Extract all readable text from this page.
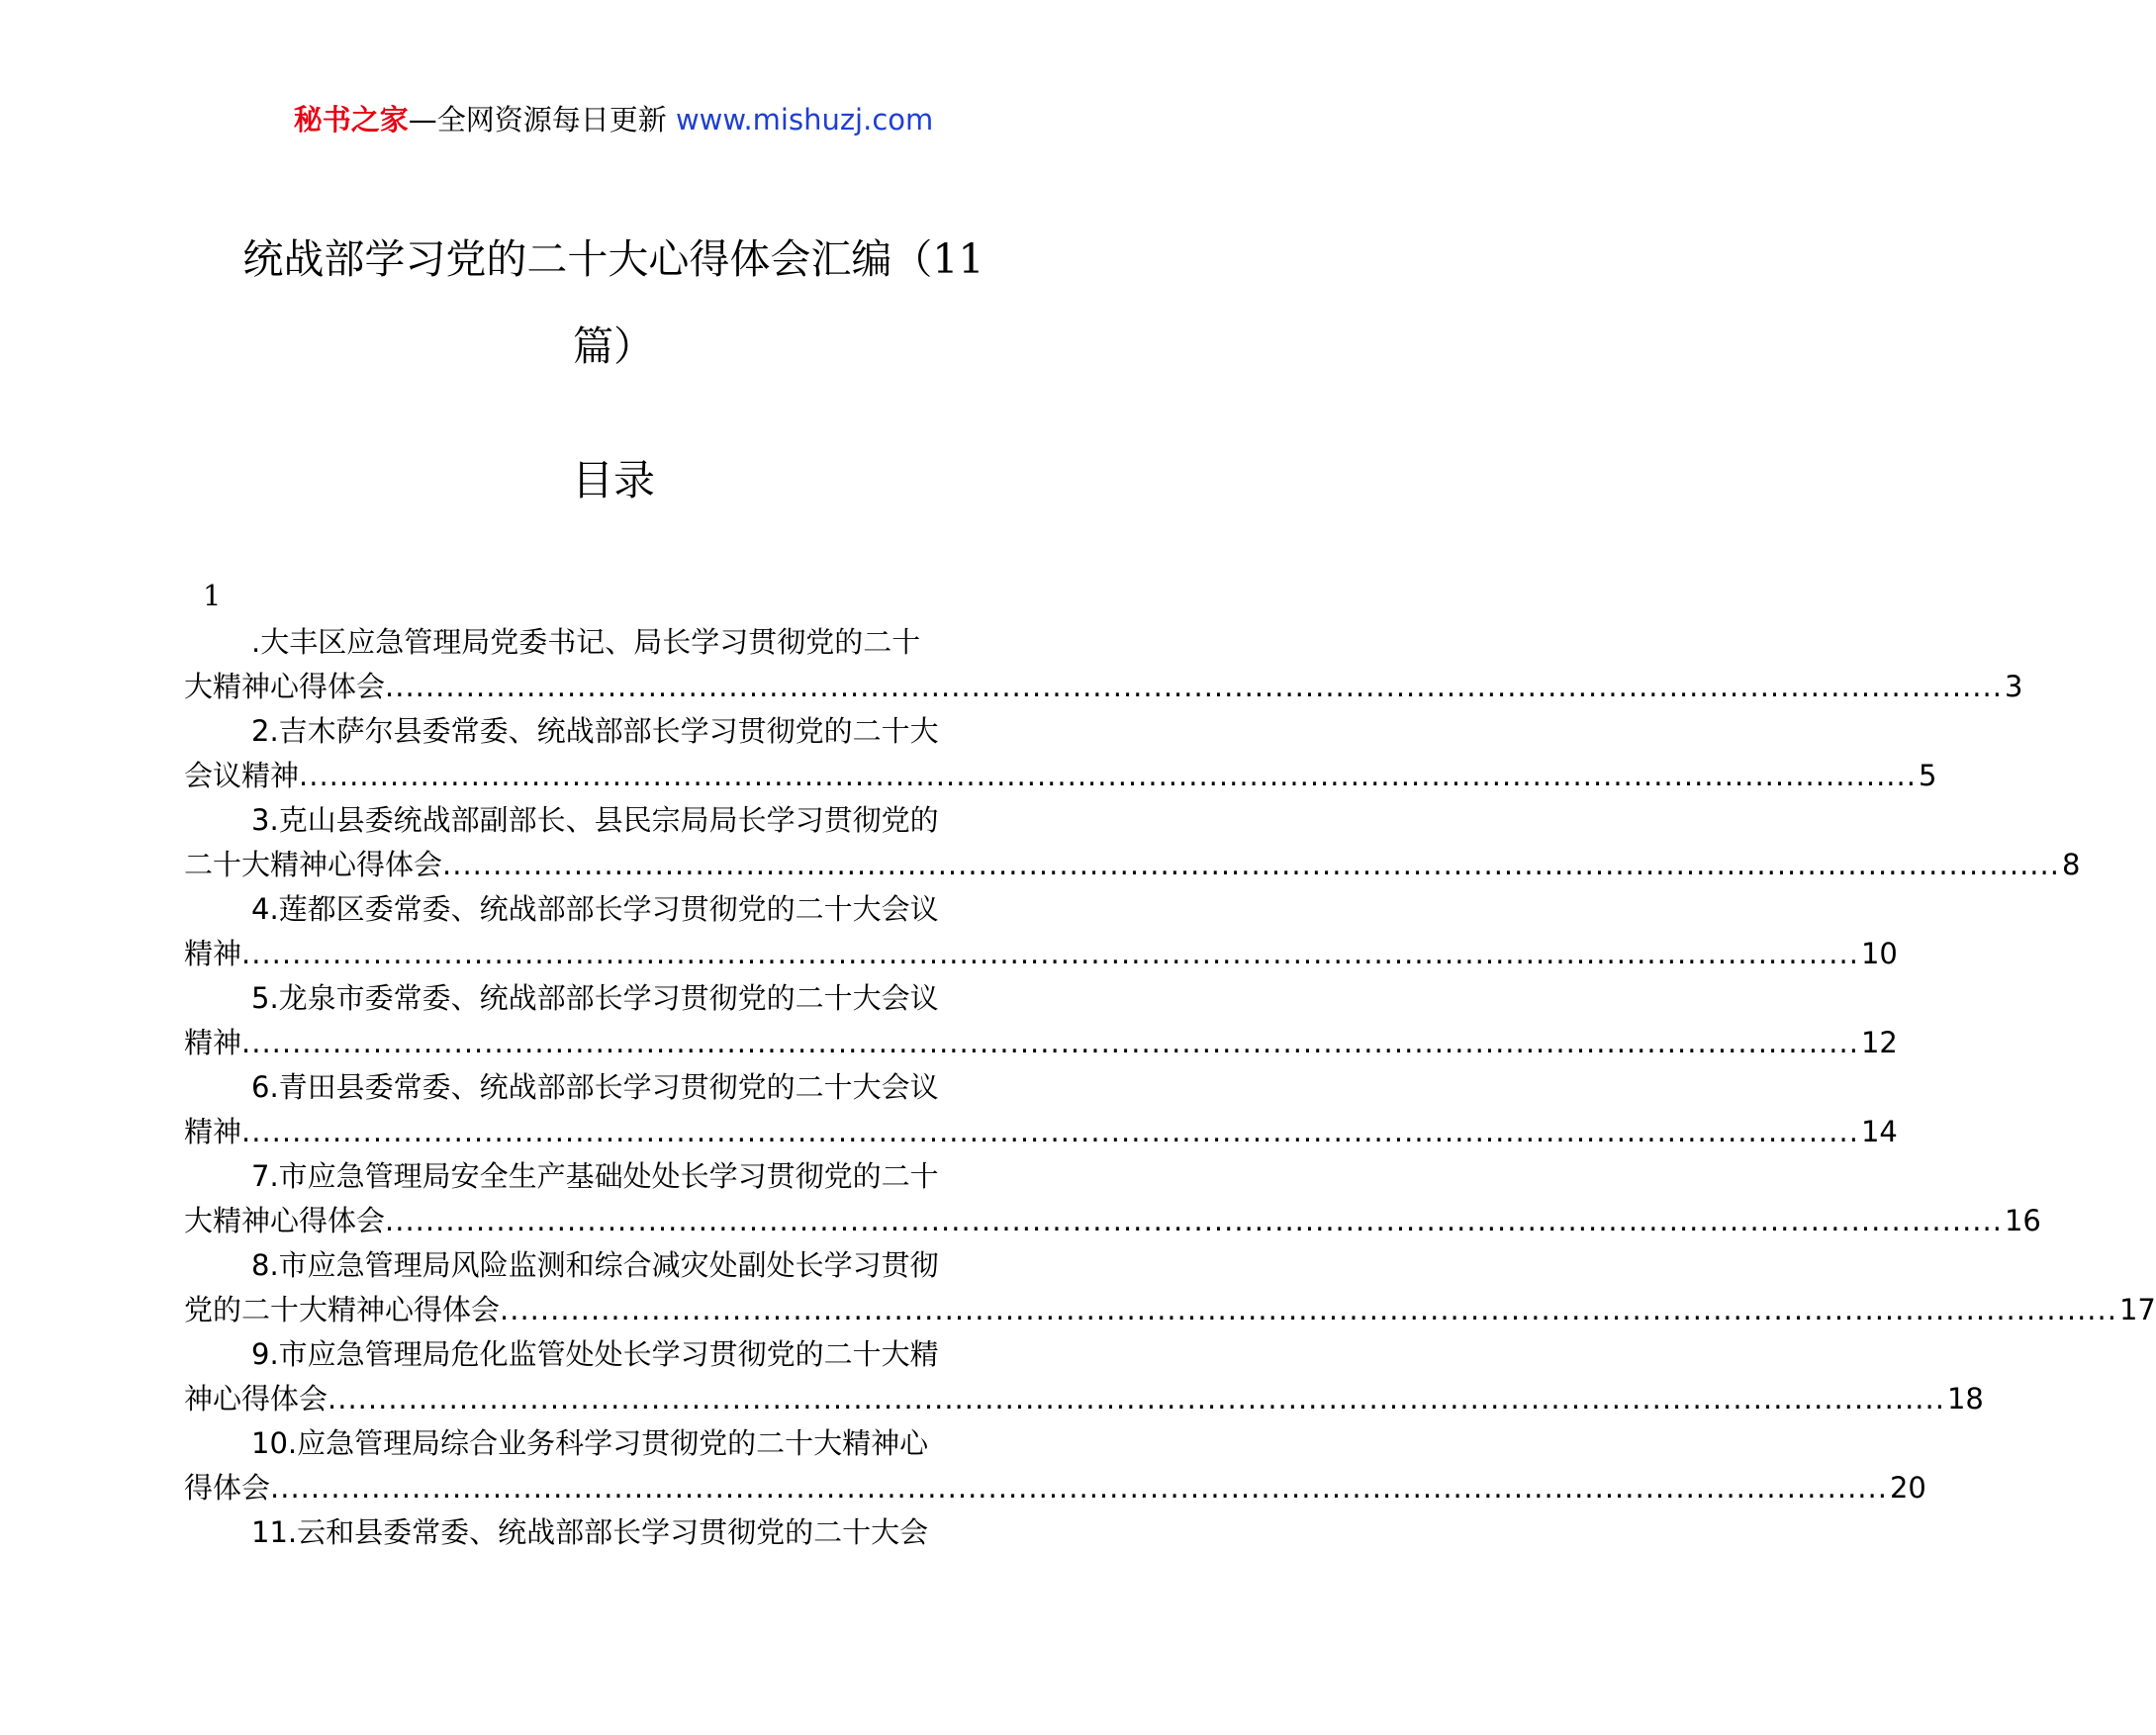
秘书之家—全网资源每日更新 www.mishuzj.com
统战部学习党的二十大心得体会汇编（11
篇）
目录
1
.大丰区应急管理局党委书记、局长学习贯彻党的二十
大精神心得体会 ................................................................................................................................................................ 3
2.吉木萨尔县委常委、统战部部长学习贯彻党的二十大
会议精神 ................................................................................................................................................................ 5
3.克山县委统战部副部长、县民宗局局长学习贯彻党的
二十大精神心得体会 ................................................................................................................................................................ 8
4.莲都区委常委、统战部部长学习贯彻党的二十大会议
精神 ................................................................................................................................................................ 10
5.龙泉市委常委、统战部部长学习贯彻党的二十大会议
精神 ................................................................................................................................................................ 12
6.青田县委常委、统战部部长学习贯彻党的二十大会议
精神 ................................................................................................................................................................ 14
7.市应急管理局安全生产基础处处长学习贯彻党的二十
大精神心得体会 ................................................................................................................................................................ 16
8.市应急管理局风险监测和综合减灾处副处长学习贯彻
党的二十大精神心得体会 ................................................................................................................................................................ 17
9.市应急管理局危化监管处处长学习贯彻党的二十大精
神心得体会 ................................................................................................................................................................ 18
10.应急管理局综合业务科学习贯彻党的二十大精神心
得体会 ................................................................................................................................................................ 20
11.云和县委常委、统战部部长学习贯彻党的二十大会
